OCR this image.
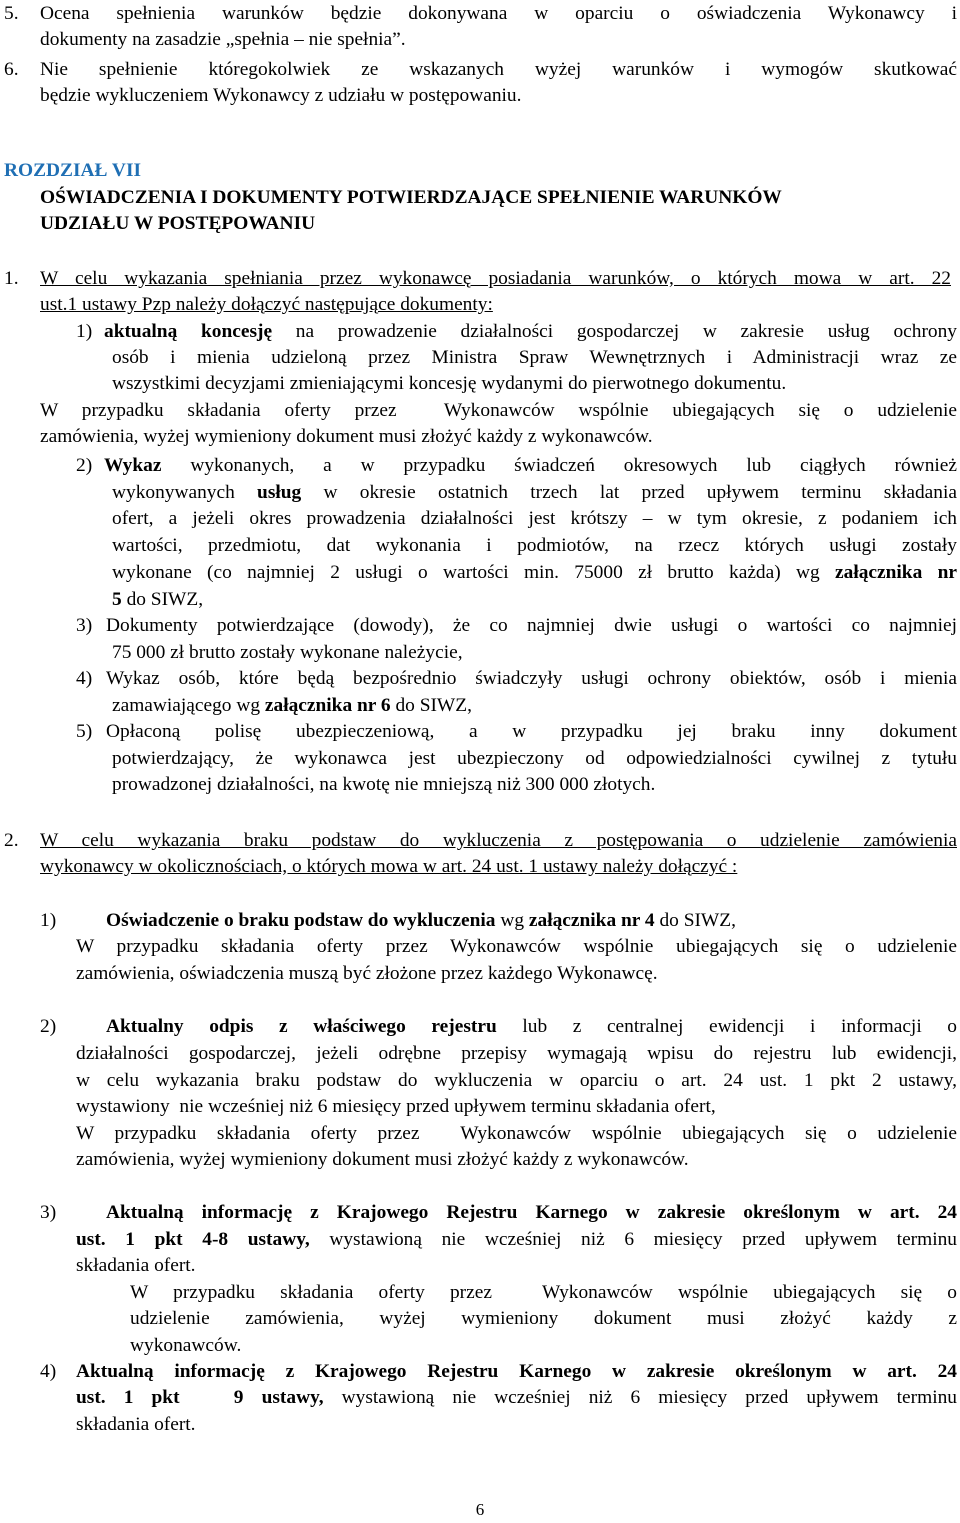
5.	Ocena spełnienia warunków będzie dokonywana w oparciu o oświadczenia Wykonawcy i
dokumenty na zasadzie „spełnia – nie spełnia”.
6.	Nie spełnienie któregokolwiek ze wskazanych wyżej warunków i wymogów skutkować
będzie wykluczeniem Wykonawcy z udziału w postępowaniu.
ROZDZIAŁ VII
OŚWIADCZENIA I DOKUMENTY POTWIERDZAJĄCE SPEŁNIENIE WARUNKÓW
UDZIAŁU W POSTĘPOWANIU
1.	W celu wykazania spełniania przez wykonawcę posiadania warunków, o których mowa w art. 22
ust.1 ustawy Pzp należy dołączyć następujące dokumenty:
1) aktualną koncesję na prowadzenie działalności gospodarczej w zakresie usług ochrony
osób i mienia udzieloną przez Ministra Spraw Wewnętrznych i Administracji wraz ze
wszystkimi decyzjami zmieniającymi koncesję wydanymi do pierwotnego dokumentu.
W przypadku składania oferty przez  Wykonawców wspólnie ubiegających się o udzielenie
zamówienia, wyżej wymieniony dokument musi złożyć każdy z wykonawców.
2) Wykaz wykonanych, a w przypadku świadczeń okresowych lub ciągłych również
wykonywanych usług w okresie ostatnich trzech lat przed upływem terminu składania
ofert, a jeżeli okres prowadzenia działalności jest krótszy – w tym okresie, z podaniem ich
wartości, przedmiotu, dat wykonania i podmiotów, na rzecz których usługi zostały
wykonane (co najmniej 2 usługi o wartości min. 75000 zł brutto każda) wg załącznika nr
5 do SIWZ,
3) Dokumenty potwierdzające (dowody), że co najmniej dwie usługi o wartości co najmniej
75 000 zł brutto zostały wykonane należycie,
4) Wykaz osób, które będą bezpośrednio świadczyły usługi ochrony obiektów, osób i mienia
zamawiającego wg załącznika nr 6 do SIWZ,
5) Opłaconą polisę ubezpieczeniową, a w przypadku jej braku inny dokument
potwierdzający, że wykonawca jest ubezpieczony od odpowiedzialności cywilnej z tytułu
prowadzonej działalności, na kwotę nie mniejszą niż 300 000 złotych.
2.	W celu wykazania braku podstaw do wykluczenia z postępowania o udzielenie zamówienia
wykonawcy w okolicznościach, o których mowa w art. 24 ust. 1 ustawy należy dołączyć :
1)	Oświadczenie o braku podstaw do wykluczenia wg załącznika nr 4 do SIWZ,
W przypadku składania oferty przez Wykonawców wspólnie ubiegających się o udzielenie
zamówienia, oświadczenia muszą być złożone przez każdego Wykonawcę.
2)	Aktualny odpis z właściwego rejestru lub z centralnej ewidencji i informacji o
działalności gospodarczej, jeżeli odrębne przepisy wymagają wpisu do rejestru lub ewidencji,
w celu wykazania braku podstaw do wykluczenia w oparciu o art. 24 ust. 1 pkt 2 ustawy,
wystawiony  nie wcześniej niż 6 miesięcy przed upływem terminu składania ofert,
W przypadku składania oferty przez  Wykonawców wspólnie ubiegających się o udzielenie
zamówienia, wyżej wymieniony dokument musi złożyć każdy z wykonawców.
3)	Aktualną informację z Krajowego Rejestru Karnego w zakresie określonym w art. 24
ust. 1 pkt 4-8 ustawy, wystawioną nie wcześniej niż 6 miesięcy przed upływem terminu
składania ofert.
W przypadku składania oferty przez  Wykonawców wspólnie ubiegających się o
udzielenie zamówienia, wyżej wymieniony dokument musi złożyć każdy z
wykonawców.
4)	Aktualną informację z Krajowego Rejestru Karnego w zakresie określonym w art. 24
ust. 1 pkt   9 ustawy, wystawioną nie wcześniej niż 6 miesięcy przed upływem terminu
składania ofert.
6
